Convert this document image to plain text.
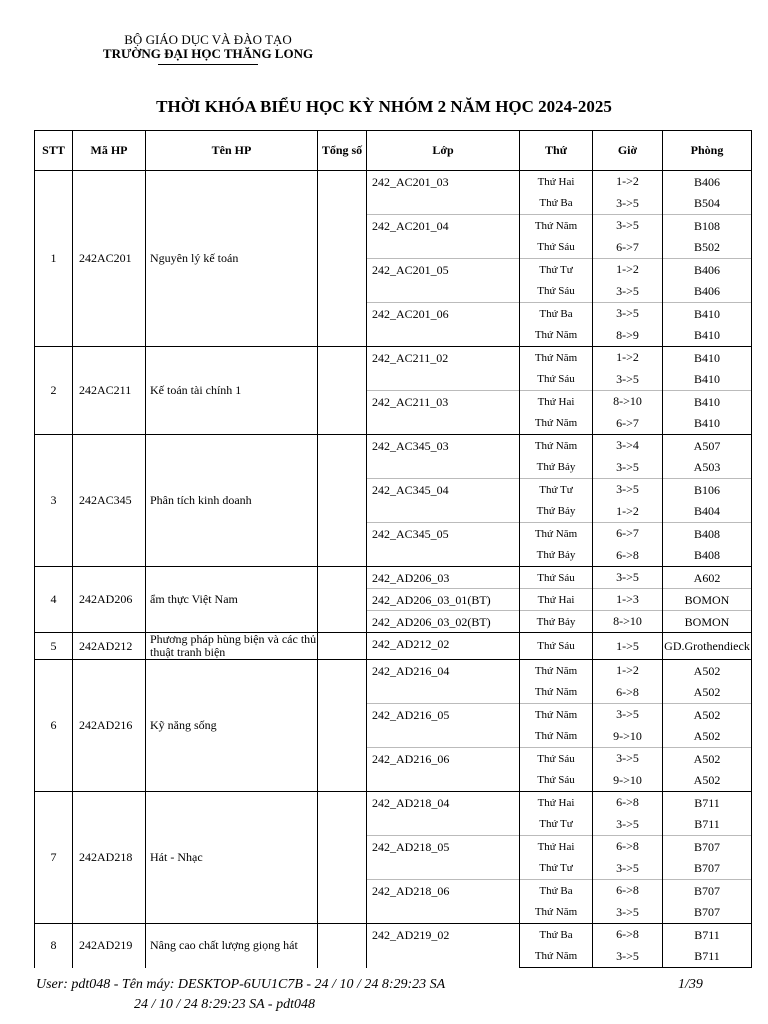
BỘ GIÁO DỤC VÀ ĐÀO TẠO
TRƯỜNG ĐẠI HỌC THĂNG LONG
THỜI KHÓA BIỂU HỌC KỲ NHÓM 2 NĂM HỌC 2024-2025
STT	Mã HP	Tên HP	Tổng số	Lớp	Thứ	Giờ	Phòng
1	242AC201	Nguyên lý kế toán		242_AC201_03	Thứ Hai	1->2	B406
					Thứ Ba	3->5	B504
				242_AC201_04	Thứ Năm	3->5	B108
					Thứ Sáu	6->7	B502
				242_AC201_05	Thứ Tư	1->2	B406
					Thứ Sáu	3->5	B406
				242_AC201_06	Thứ Ba	3->5	B410
					Thứ Năm	8->9	B410
2	242AC211	Kế toán tài chính 1		242_AC211_02	Thứ Năm	1->2	B410
					Thứ Sáu	3->5	B410
				242_AC211_03	Thứ Hai	8->10	B410
					Thứ Năm	6->7	B410
3	242AC345	Phân tích kinh doanh		242_AC345_03	Thứ Năm	3->4	A507
					Thứ Bảy	3->5	A503
				242_AC345_04	Thứ Tư	3->5	B106
					Thứ Bảy	1->2	B404
				242_AC345_05	Thứ Năm	6->7	B408
					Thứ Bảy	6->8	B408
4	242AD206	ẩm thực Việt Nam		242_AD206_03	Thứ Sáu	3->5	A602
				242_AD206_03_01(BT)	Thứ Hai	1->3	BOMON
				242_AD206_03_02(BT)	Thứ Bảy	8->10	BOMON
5	242AD212	Phương pháp hùng biện và các thủ thuật tranh biện		242_AD212_02	Thứ Sáu	1->5	GD.Grothendieck
6	242AD216	Kỹ năng sống		242_AD216_04	Thứ Năm	1->2	A502
					Thứ Năm	6->8	A502
				242_AD216_05	Thứ Năm	3->5	A502
					Thứ Năm	9->10	A502
				242_AD216_06	Thứ Sáu	3->5	A502
					Thứ Sáu	9->10	A502
7	242AD218	Hát - Nhạc		242_AD218_04	Thứ Hai	6->8	B711
					Thứ Tư	3->5	B711
				242_AD218_05	Thứ Hai	6->8	B707
					Thứ Tư	3->5	B707
				242_AD218_06	Thứ Ba	6->8	B707
					Thứ Năm	3->5	B707
8	242AD219	Nâng cao chất lượng giọng hát		242_AD219_02	Thứ Ba	6->8	B711
					Thứ Năm	3->5	B711
User: pdt048 - Tên máy: DESKTOP-6UU1C7B - 24 / 10 / 24 8:29:23 SA
24 / 10 / 24 8:29:23 SA - pdt048
1/39
